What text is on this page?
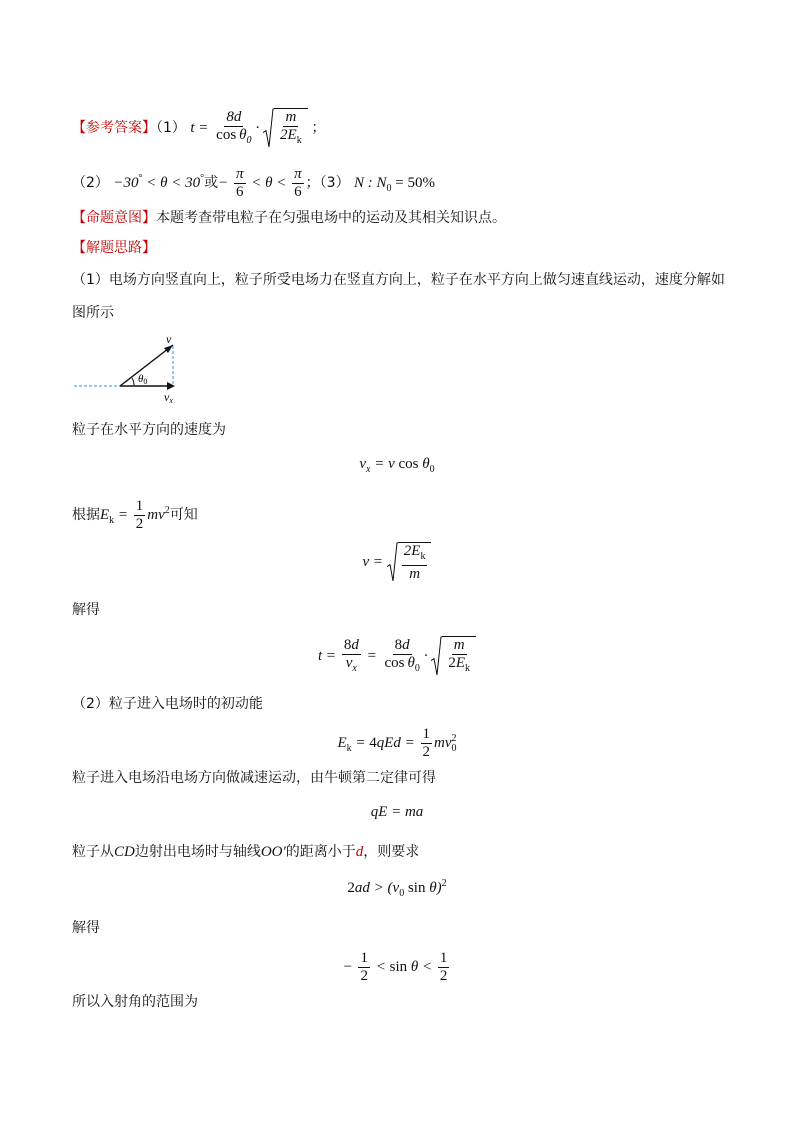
【参考答案】（1） $t = \frac{8d}{\cos \theta_0} \cdot \frac{m}{2E_k}$ ；
（2） −30° < θ < 30°或− $\frac{\pi}{6} < \theta < \frac{\pi}{6}$ ；（3） N : $N_0 = 50\%$
【命题意图】本题考查带电粒子在匀强电场中的运动及其相关知识点。
【解题思路】
（1）电场方向竖直向上，粒子所受电场力在竖直方向上，粒子在水平方向上做匀速直线运动，速度分解如
图所示
v
θ0
vx
粒子在水平方向的速度为
$v_x = v$ $\cos \theta_0$
根据$E_k = \frac{1}{2} mv^2$可知
$v = \frac{2E_k}{m}$
解得
$t = \frac{8d}{v_x} = \frac{8d}{\cos \theta_0} \cdot \frac{m}{2E_k}$
（2）粒子进入电场时的初动能
$E_k = 4qEd = \frac{1}{2} mv_0^2$
粒子进入电场沿电场方向做减速运动，由牛顿第二定律可得
qE = ma
粒子从CD边射出电场时与轴线OO′的距离小于d，则要求
$2ad > (v_0$ sin θ)$^2$
解得
− $\frac{1}{2} < \sin \theta < \frac{1}{2}$
所以入射角的范围为
